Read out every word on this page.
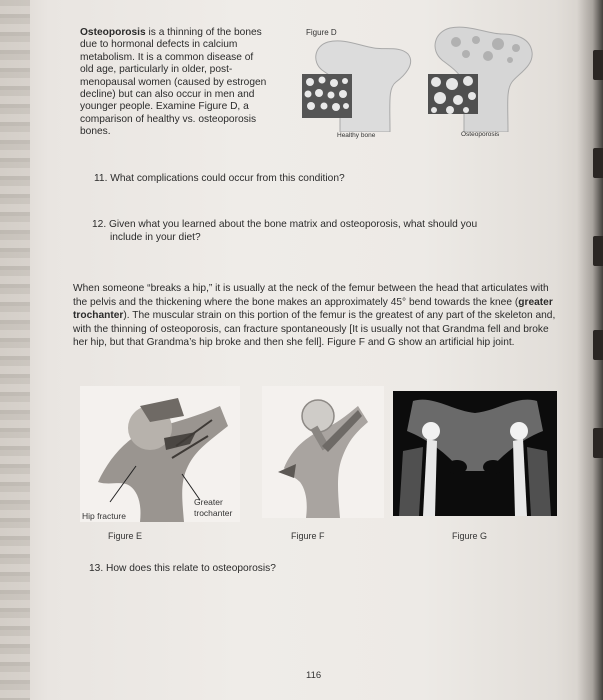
Osteoporosis is a thinning of the bones
due to hormonal defects in calcium
metabolism. It is a common disease of
old age, particularly in older, post-
menopausal women (caused by estrogen
decline) but can also occur in men and
younger people. Examine Figure D, a
comparison of healthy vs. osteoporosis
bones.
Figure D
Healthy bone	Osteoporosis
11. What complications could occur from this condition?
12. Given what you learned about the bone matrix and osteoporosis, what should you
include in your diet?
When someone “breaks a hip,” it is usually at the neck of the femur between the head that articulates with the pelvis and the thickening where the bone makes an approximately 45° bend towards the knee (greater trochanter). The muscular strain on this portion of the femur is the greatest of any part of the skeleton and, with the thinning of osteoporosis, can fracture spontaneously [It is usually not that Grandma fell and broke her hip, but that Grandma’s hip broke and then she fell]. Figure F and G show an artificial hip joint.
Hip fracture
Greater
trochanter
Figure E	Figure F	Figure G
13. How does this relate to osteoporosis?
116
